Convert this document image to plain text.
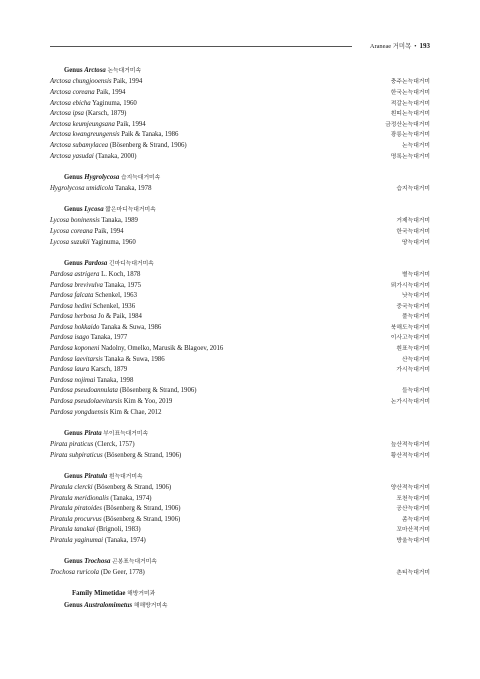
Araneae 거미목 • 193
Genus Arctosa 논늑대거미속
Arctosa chungjooensis Paik, 1994	충주논늑대거미
Arctosa coreana Paik, 1994	한국논늑대거미
Arctosa ebicha Yaginuma, 1960	적갈논늑대거미
Arctosa ipsa (Karsch, 1879)	흰띠논늑대거미
Arctosa keumjeungsana Paik, 1994	금정산논늑대거미
Arctosa kwangreungensis Paik & Tanaka, 1986	광릉논늑대거미
Arctosa subamylacea (Bösenberg & Strand, 1906)	논늑대거미
Arctosa yasudai (Tanaka, 2000)	명록논늑대거미
Genus Hygrolycosa 습지늑대거미속
Hygrolycosa umidicola Tanaka, 1978	습지늑대거미
Genus Lycosa 짧은마디늑대거미속
Lycosa boninensis Tanaka, 1989	거제늑대거미
Lycosa coreana Paik, 1994	한국늑대거미
Lycosa suzukii Yaginuma, 1960	땅늑대거미
Genus Pardosa 긴마디늑대거미속
Pardosa astrigera L. Koch, 1878	별늑대거미
Pardosa brevivulva Tanaka, 1975	뫼가시늑대거미
Pardosa falcata Schenkel, 1963	낫늑대거미
Pardosa hedini Schenkel, 1936	중국늑대거미
Pardosa herbosa Jo & Paik, 1984	풀늑대거미
Pardosa hokkaido Tanaka & Suwa, 1986	북해도늑대거미
Pardosa isago Tanaka, 1977	이사고늑대거미
Pardosa koponeni Nadolny, Omelko, Marusik & Blagoev, 2016	흰표늑대거미
Pardosa laevitarsis Tanaka & Suwa, 1986	산늑대거미
Pardosa laura Karsch, 1879	가시늑대거미
Pardosa nojimai Tanaka, 1998
Pardosa pseudoannulata (Bösenberg & Strand, 1906)	들늑대거미
Pardosa pseudolaevitarsis Kim & Yoo, 2019	논가시늑대거미
Pardosa yongduensis Kim & Chae, 2012
Genus Pirata 부이표늑대거미속
Pirata piraticus (Clerck, 1757)	늪산적늑대거미
Pirata subpiraticus (Bösenberg & Strand, 1906)	황산적늑대거미
Genus Piratula 흰늑대거미속
Piratula clercki (Bösenberg & Strand, 1906)	양산적늑대거미
Piratula meridionalis (Tanaka, 1974)	포천늑대거미
Piratula piratoides (Bösenberg & Strand, 1906)	공산늑대거미
Piratula procurvus (Bösenberg & Strand, 1906)	좀늑대거미
Piratula tanakai (Brignoli, 1983)	꼬마산적거미
Piratula yaginumai (Tanaka, 1974)	방울늑대거미
Genus Trochosa 곤봉표늑대거미속
Trochosa ruricola (De Geer, 1778)	촌티늑대거미
Family Mimetidae 해방거미과
Genus Australomimetus 해해방거미속
